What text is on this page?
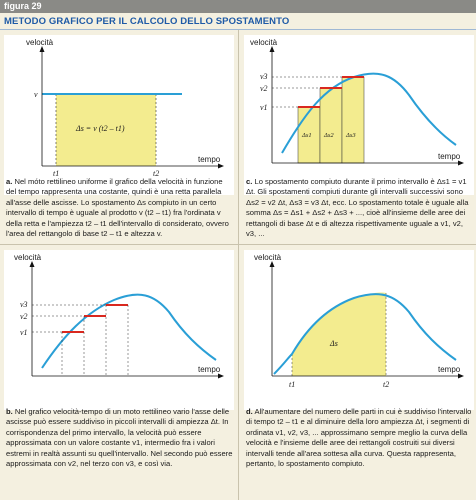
figura 29
METODO GRAFICO PER IL CALCOLO DELLO SPOSTAMENTO
velocità
tempo
v
t1	t2
Δs = v (t2 – t1)
a. Nel móto rettilineo uniforme il grafico della velocità in funzione del tempo rappresenta una costante, quindi è una retta parallela all'asse delle ascisse. Lo spostamento Δs compiuto in un certo intervallo di tempo è uguale al prodotto v (t2 – t1) fra l'ordinata v della retta e l'ampiezza t2 – t1 dell'intervallo di considerato, ovvero l'area del rettangolo di base t2 – t1 e altezza v.
velocità
tempo
v1
v2
v3
Δs1 Δs2 Δs3
c. Lo spostamento compiuto durante il primo intervallo è Δs1 = v1 Δt. Gli spostamenti compiuti durante gli intervalli successivi sono Δs2 = v2 Δt, Δs3 = v3 Δt, ecc. Lo spostamento totale è uguale alla somma Δs = Δs1 + Δs2 + Δs3 + ..., cioè all'insieme delle aree dei rettangoli di base Δt e di altezza rispettivamente uguale a v1, v2, v3, ...
velocità
tempo
v1
v2
v3
b. Nel grafico velocità-tempo di un moto rettilineo vario l'asse delle ascisse può essere suddiviso in piccoli intervalli di ampiezza Δt. In corrispondenza del primo intervallo, la velocità può essere approssimata con un valore costante v1, intermedio fra i valori estremi in realtà assunti su quell'intervallo. Nel secondo può essere approssimata con v2, nel terzo con v3, e così via.
velocità
tempo
t1	t2
Δs
d. All'aumentare del numero delle parti in cui è suddiviso l'intervallo di tempo t2 – t1 e al diminuire della loro ampiezza Δt, i segmenti di ordinata v1, v2, v3, ... approssimano sempre meglio la curva della velocità e l'insieme delle aree dei rettangoli costruiti sui diversi intervalli tende all'area sottesa alla curva. Questa rappresenta, pertanto, lo spostamento compiuto.
